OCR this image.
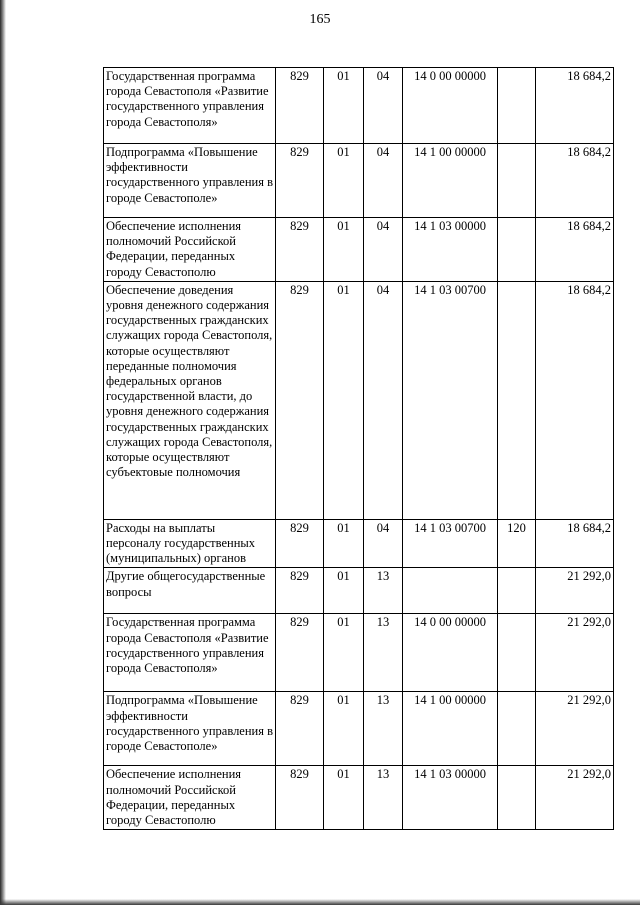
165
Государственная программа города Севастополя «Развитие государственного управления города Севастополя»	829	01	04	14 0 00 00000		18 684,2
Подпрограмма «Повышение эффективности государственного управления в городе Севастополе»	829	01	04	14 1 00 00000		18 684,2
Обеспечение исполнения полномочий Российской Федерации, переданных городу Севастополю	829	01	04	14 1 03 00000		18 684,2
Обеспечение доведения уровня денежного содержания государственных гражданских служащих города Севастополя, которые осуществляют переданные полномочия федеральных органов государственной власти, до уровня денежного содержания государственных гражданских служащих города Севастополя, которые осуществляют субъектовые полномочия	829	01	04	14 1 03 00700		18 684,2
Расходы на выплаты персоналу государственных (муниципальных) органов	829	01	04	14 1 03 00700	120	18 684,2
Другие общегосударственные вопросы	829	01	13			21 292,0
Государственная программа города Севастополя «Развитие государственного управления города Севастополя»	829	01	13	14 0 00 00000		21 292,0
Подпрограмма «Повышение эффективности государственного управления в городе Севастополе»	829	01	13	14 1 00 00000		21 292,0
Обеспечение исполнения полномочий Российской Федерации, переданных городу Севастополю	829	01	13	14 1 03 00000		21 292,0
